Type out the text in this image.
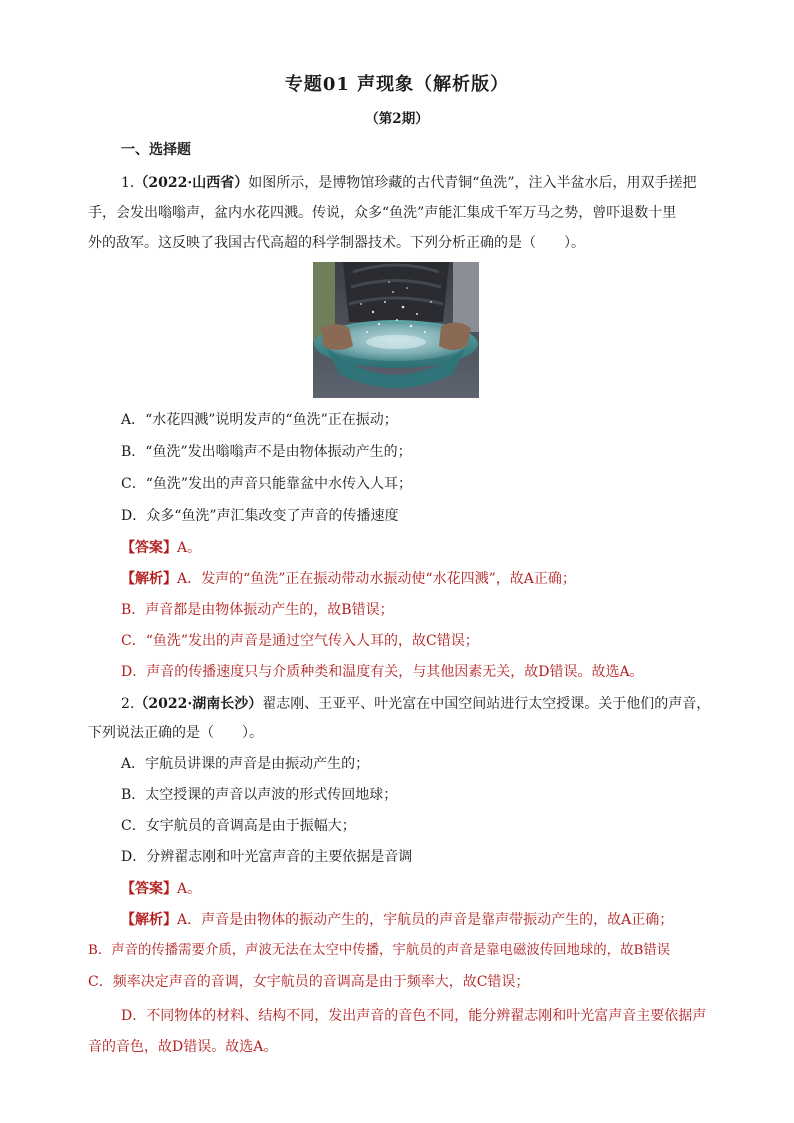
专题01 声现象（解析版）
（第2期）
一、选择题
1.（2022·山西省）如图所示，是博物馆珍藏的古代青铜“鱼洗”，注入半盆水后，用双手搓把
手，会发出嗡嗡声，盆内水花四溅。传说，众多“鱼洗”声能汇集成千军万马之势，曾吓退数十里
外的敌军。这反映了我国古代高超的科学制器技术。下列分析正确的是（　　）。
A．“水花四溅”说明发声的“鱼洗”正在振动；
B．“鱼洗”发出嗡嗡声不是由物体振动产生的；
C．“鱼洗”发出的声音只能靠盆中水传入人耳；
D．众多“鱼洗”声汇集改变了声音的传播速度
【答案】A。
【解析】A．发声的“鱼洗”正在振动带动水振动使“水花四溅”，故A正确；
B．声音都是由物体振动产生的，故B错误；
C．“鱼洗”发出的声音是通过空气传入人耳的，故C错误；
D．声音的传播速度只与介质种类和温度有关，与其他因素无关，故D错误。故选A。
2.（2022·湖南长沙）翟志刚、王亚平、叶光富在中国空间站进行太空授课。关于他们的声音，
下列说法正确的是（　　）。
A．宇航员讲课的声音是由振动产生的；
B．太空授课的声音以声波的形式传回地球；
C．女宇航员的音调高是由于振幅大；
D．分辨翟志刚和叶光富声音的主要依据是音调
【答案】A。
【解析】A．声音是由物体的振动产生的，宇航员的声音是靠声带振动产生的，故A正确；
B．声音的传播需要介质，声波无法在太空中传播，宇航员的声音是靠电磁波传回地球的，故B错误
C．频率决定声音的音调，女宇航员的音调高是由于频率大，故C错误；
D．不同物体的材料、结构不同，发出声音的音色不同，能分辨翟志刚和叶光富声音主要依据声
音的音色，故D错误。故选A。
